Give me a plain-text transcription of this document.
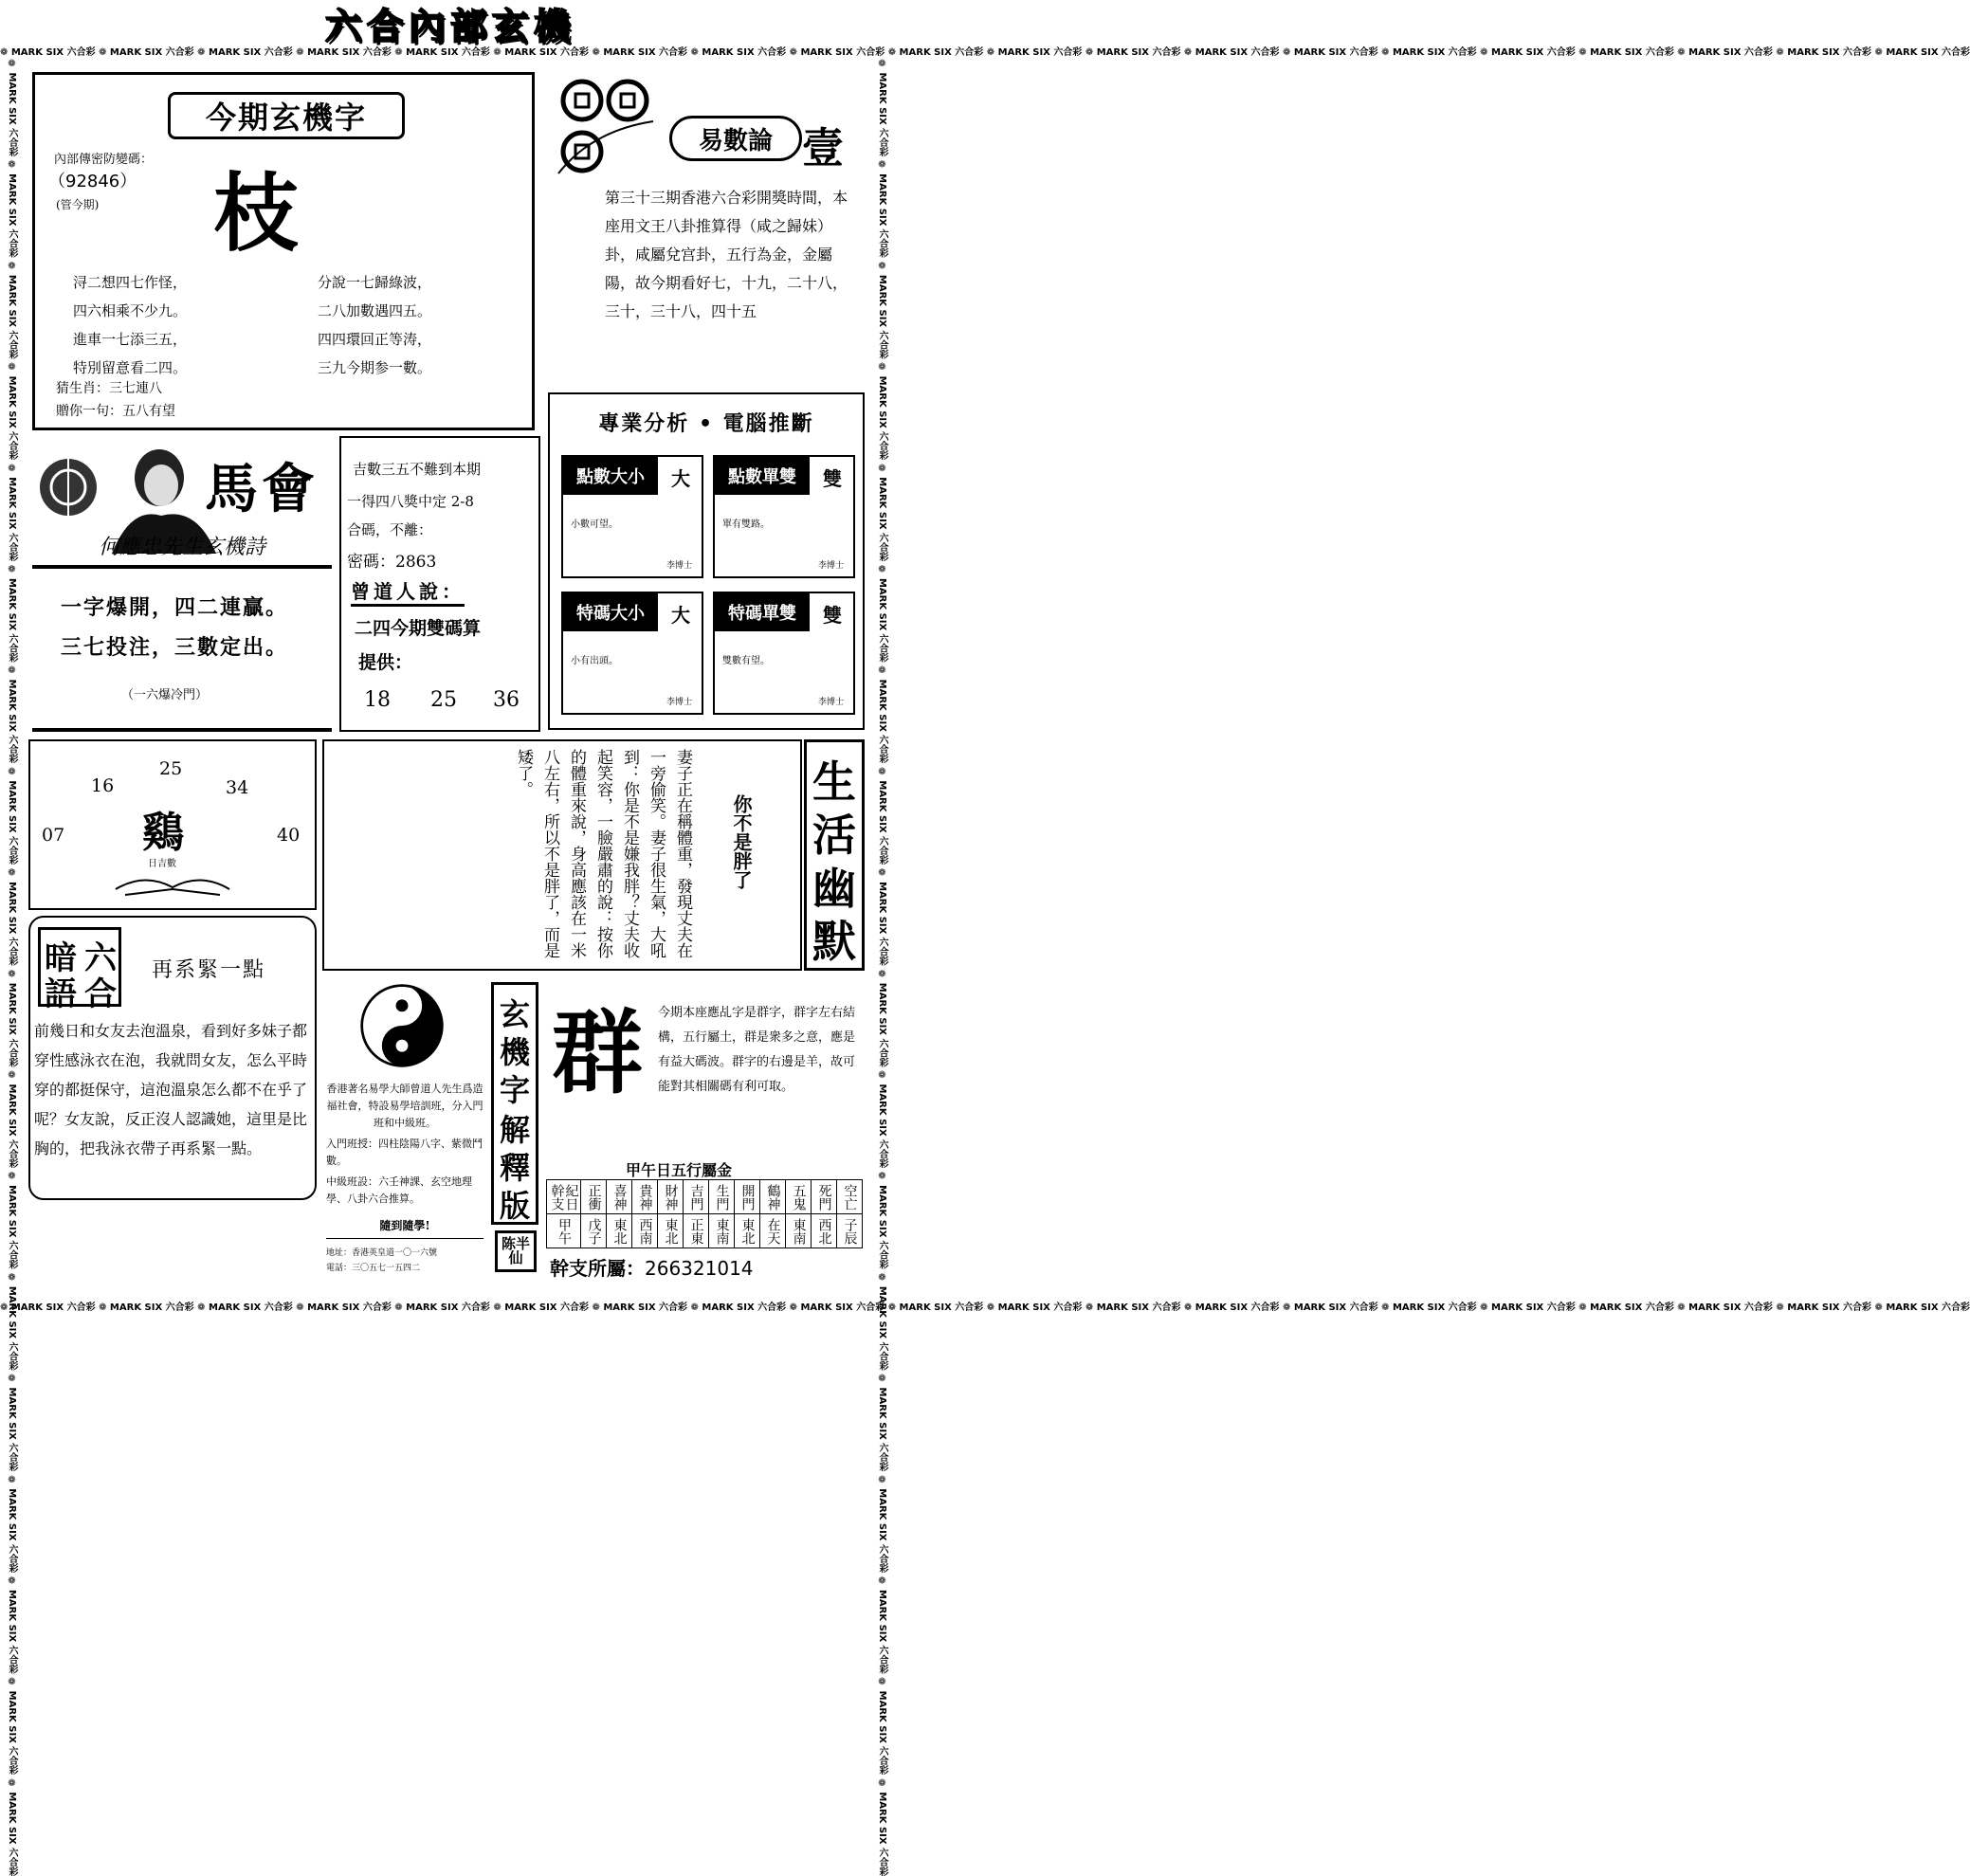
❁ MARK SIX 六合彩 ❁ MARK SIX 六合彩 ❁ MARK SIX 六合彩 ❁ MARK SIX 六合彩 ❁ MARK SIX 六合彩 ❁ MARK SIX 六合彩 ❁ MARK SIX 六合彩 ❁ MARK SIX 六合彩 ❁ MARK SIX 六合彩 ❁ MARK SIX 六合彩 ❁ MARK SIX 六合彩 ❁ MARK SIX 六合彩 ❁ MARK SIX 六合彩 ❁ MARK SIX 六合彩 ❁ MARK SIX 六合彩 ❁ MARK SIX 六合彩 ❁ MARK SIX 六合彩 ❁ MARK SIX 六合彩 ❁ MARK SIX 六合彩 ❁ MARK SIX 六合彩
❁ MARK SIX 六合彩 ❁ MARK SIX 六合彩 ❁ MARK SIX 六合彩 ❁ MARK SIX 六合彩 ❁ MARK SIX 六合彩 ❁ MARK SIX 六合彩 ❁ MARK SIX 六合彩 ❁ MARK SIX 六合彩 ❁ MARK SIX 六合彩 ❁ MARK SIX 六合彩 ❁ MARK SIX 六合彩 ❁ MARK SIX 六合彩 ❁ MARK SIX 六合彩 ❁ MARK SIX 六合彩 ❁ MARK SIX 六合彩 ❁ MARK SIX 六合彩 ❁ MARK SIX 六合彩 ❁ MARK SIX 六合彩 ❁ MARK SIX 六合彩 ❁ MARK SIX 六合彩
❁ MARK SIX 六合彩 ❁ MARK SIX 六合彩 ❁ MARK SIX 六合彩 ❁ MARK SIX 六合彩 ❁ MARK SIX 六合彩 ❁ MARK SIX 六合彩 ❁ MARK SIX 六合彩 ❁ MARK SIX 六合彩 ❁ MARK SIX 六合彩 ❁ MARK SIX 六合彩 ❁ MARK SIX 六合彩 ❁ MARK SIX 六合彩 ❁ MARK SIX 六合彩 ❁ MARK SIX 六合彩 ❁ MARK SIX 六合彩 ❁ MARK SIX 六合彩 ❁ MARK SIX 六合彩 ❁ MARK SIX 六合彩	❁ MARK SIX 六合彩 ❁ MARK SIX 六合彩 ❁ MARK SIX 六合彩 ❁ MARK SIX 六合彩 ❁ MARK SIX 六合彩 ❁ MARK SIX 六合彩 ❁ MARK SIX 六合彩 ❁ MARK SIX 六合彩 ❁ MARK SIX 六合彩 ❁ MARK SIX 六合彩 ❁ MARK SIX 六合彩 ❁ MARK SIX 六合彩 ❁ MARK SIX 六合彩 ❁ MARK SIX 六合彩 ❁ MARK SIX 六合彩 ❁ MARK SIX 六合彩 ❁ MARK SIX 六合彩 ❁ MARK SIX 六合彩
六合內部玄機
今期玄機字
內部傳密防變碼：
（92846）
(管今期) 枝
浔二想四七作怪，
四六相乘不少九。
進車一七添三五，
特別留意看二四。
分說一七歸綠波，
二八加數遇四五。
四四環回正等涛，
三九今期参一數。
猜生肖：三七連八
贈你一句：五八有望
易數論 壹
第三十三期香港六合彩開獎時間，本座用文王八卦推算得（咸之歸妹）卦，咸屬兌宫卦，五行為金，金屬陽，故今期看好七，十九，二十八，三十，三十八，四十五
馬會
何應忠先生玄機詩
一字爆開，四二連贏。
三七投注，三數定出。
（一六爆冷門）
吉數三五不難到本期
一得四八獎中定 2-8
合碼，不離：
密碼：2863
曾道人說：
二四今期雙碼算
提供：
18 25 36
專業分析 • 電腦推斷
點數大小	大
小數可望。
李博士
點數單雙	雙
單有雙路。
李博士
特碼大小	大
小有出頭。
李博士
特碼單雙	雙
雙數有望。
李博士
16
25
34
07	40
鷄
日吉數	你不是胖了
妻子正在稱體重，發現丈夫在一旁偷笑。妻子很生氣，大吼到：你是不是嫌我胖？丈夫收起笑容，一臉嚴肅的說：按你的體重來說，身高應該在一米八左右，所以不是胖了，而是矮了。	生
活
幽
默
暗 六
語 合
再系緊一點
前幾日和女友去泡溫泉，看到好多妹子都穿性感泳衣在泡，我就問女友，怎么平時穿的都挺保守，這泡溫泉怎么都不在乎了呢？女友說，反正沒人認識她，這里是比胸的，把我泳衣帶子再系緊一點。
香港著名易學大師曾道人先生爲造福社會，特設易學培訓班，分入門班和中級班。
入門班授：四柱陰陽八字、紫微鬥數。
中級班設：六壬神課、玄空地理學、八卦六合推算。
隨到隨學!
地址：香港英皇道一〇一六號
電話：三〇五七一五四二
玄
機
字
解
釋
版
陈半仙
群 今期本座應乩字是群字，群字左右結構，五行屬土，群是衆多之意，應是有益大碼波。群字的右邊是羊，故可能對其相關碼有利可取。
甲午日五行屬金
紀日幹支	正衝	喜神	貴神	財神	吉門	生門	開門	鶴神	五鬼	死門	空亡
甲午	戊子	東北	西南	東北	正東	東南	東北	在天	東南	西北	子辰
幹支所屬：266321014
